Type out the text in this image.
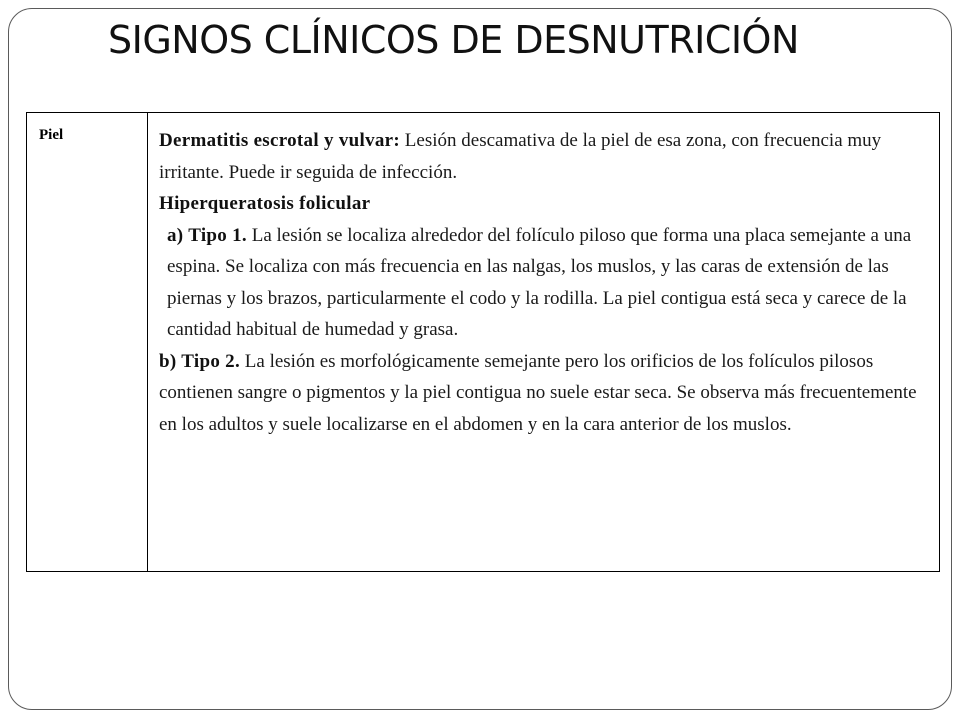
SIGNOS CLÍNICOS DE DESNUTRICIÓN
Piel	Dermatitis escrotal y vulvar: Lesión descamativa de la piel de esa zona, con frecuencia muy irritante. Puede ir seguida de infección.

Hiperqueratosis folicular

a) Tipo 1. La lesión se localiza alrededor del folículo piloso que forma una placa semejante a una espina. Se localiza con más frecuencia en las nalgas, los muslos, y las caras de extensión de las piernas y los brazos, particularmente el codo y la rodilla. La piel contigua está seca y carece de la cantidad habitual de humedad y grasa.

b) Tipo 2. La lesión es morfológicamente semejante pero los orificios de los folículos pilosos contienen sangre o pigmentos y la piel contigua no suele estar seca. Se observa más frecuentemente en los adultos y suele localizarse en el abdomen y en la cara anterior de los muslos.
